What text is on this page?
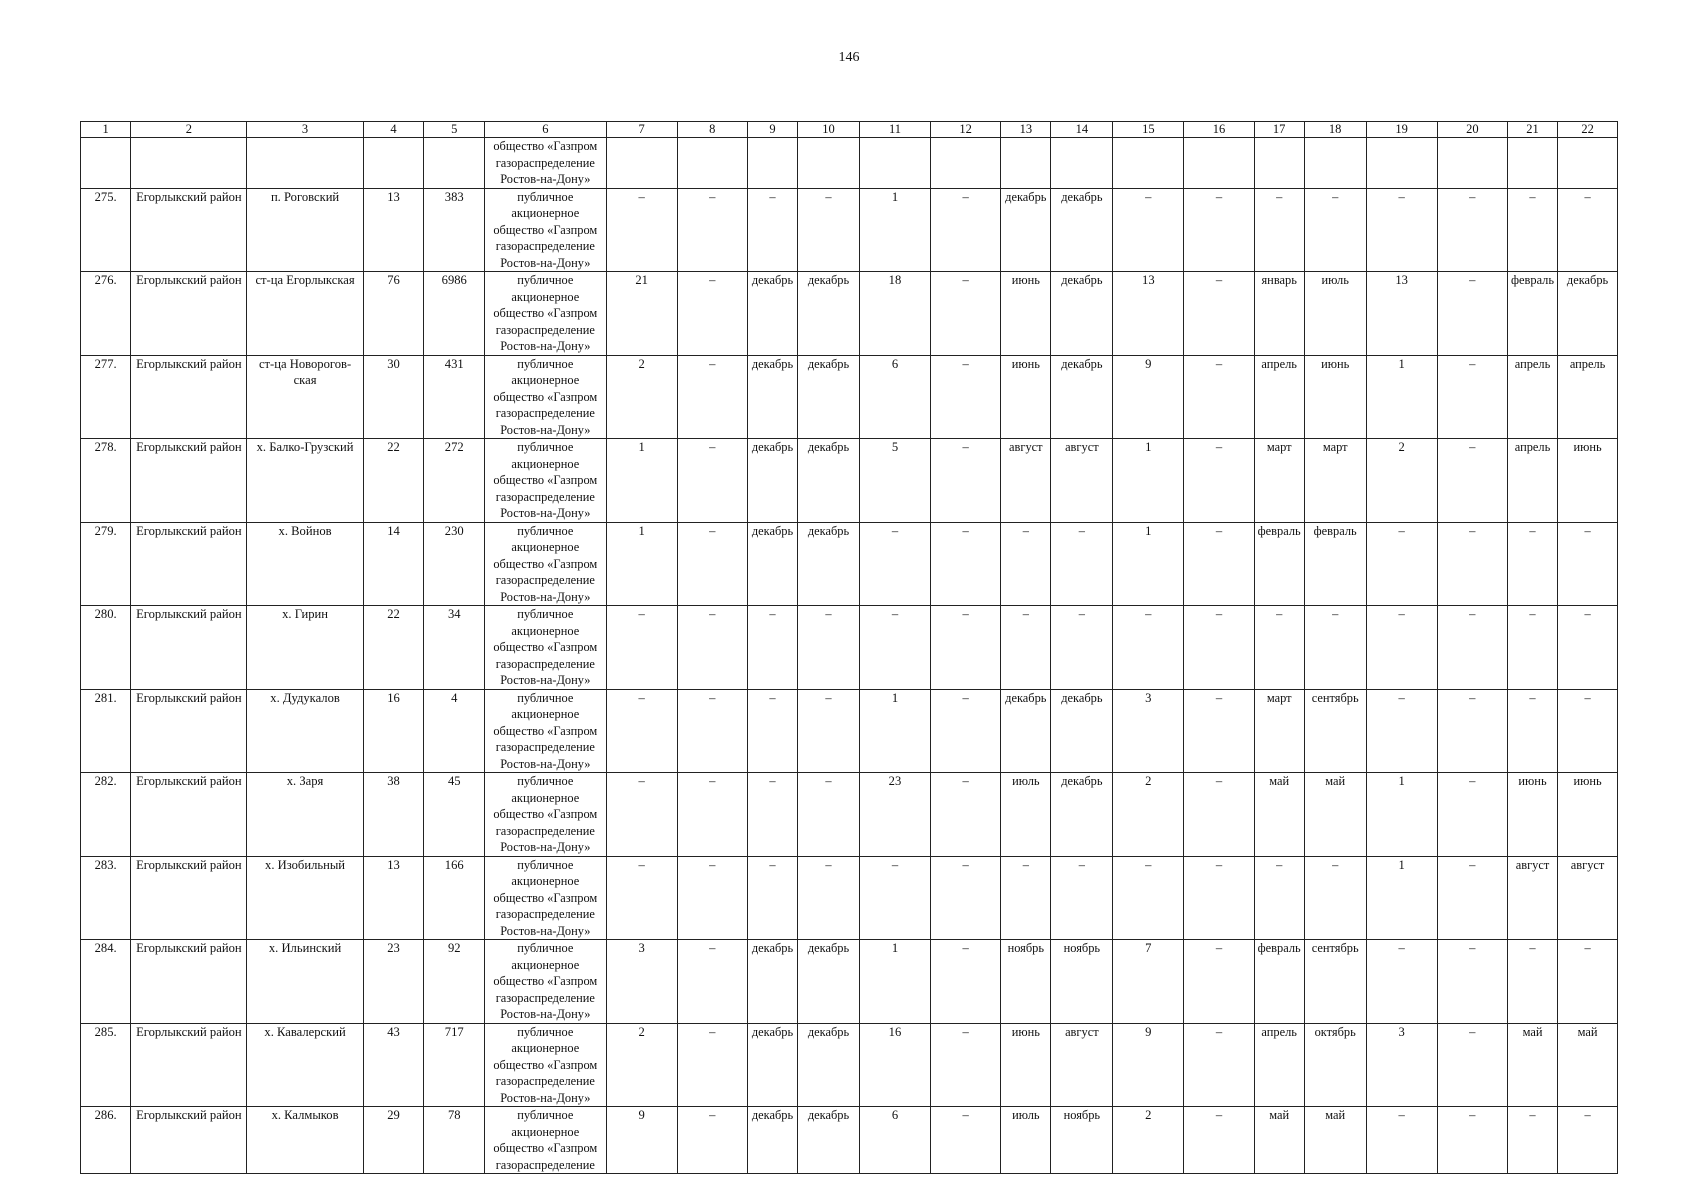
146
1	2	3	4	5	6	7	8	9	10	11	12	13	14	15	16	17	18	19	20	21	22

					общество «Газпром
газораспределение
Ростов-на-Дону»																

275.	Егорлыкский район	п. Роговский	13	383	публичное
акционерное
общество «Газпром
газораспределение
Ростов-на-Дону»	–	–	–	–	1	–	декабрь	декабрь	–	–	–	–	–	–	–	–
276.	Егорлыкский район	ст-ца Егорлыкская	76	6986	публичное
акционерное
общество «Газпром
газораспределение
Ростов-на-Дону»	21	–	декабрь	декабрь	18	–	июнь	декабрь	13	–	январь	июль	13	–	февраль	декабрь
277.	Егорлыкский район	ст-ца Новорогов-ская	30	431	публичное
акционерное
общество «Газпром
газораспределение
Ростов-на-Дону»	2	–	декабрь	декабрь	6	–	июнь	декабрь	9	–	апрель	июнь	1	–	апрель	апрель
278.	Егорлыкский район	х. Балко-Грузский	22	272	публичное
акционерное
общество «Газпром
газораспределение
Ростов-на-Дону»	1	–	декабрь	декабрь	5	–	август	август	1	–	март	март	2	–	апрель	июнь
279.	Егорлыкский район	х. Войнов	14	230	публичное
акционерное
общество «Газпром
газораспределение
Ростов-на-Дону»	1	–	декабрь	декабрь	–	–	–	–	1	–	февраль	февраль	–	–	–	–
280.	Егорлыкский район	х. Гирин	22	34	публичное
акционерное
общество «Газпром
газораспределение
Ростов-на-Дону»	–	–	–	–	–	–	–	–	–	–	–	–	–	–	–	–
281.	Егорлыкский район	х. Дудукалов	16	4	публичное
акционерное
общество «Газпром
газораспределение
Ростов-на-Дону»	–	–	–	–	1	–	декабрь	декабрь	3	–	март	сентябрь	–	–	–	–
282.	Егорлыкский район	х. Заря	38	45	публичное
акционерное
общество «Газпром
газораспределение
Ростов-на-Дону»	–	–	–	–	23	–	июль	декабрь	2	–	май	май	1	–	июнь	июнь
283.	Егорлыкский район	х. Изобильный	13	166	публичное
акционерное
общество «Газпром
газораспределение
Ростов-на-Дону»	–	–	–	–	–	–	–	–	–	–	–	–	1	–	август	август
284.	Егорлыкский район	х. Ильинский	23	92	публичное
акционерное
общество «Газпром
газораспределение
Ростов-на-Дону»	3	–	декабрь	декабрь	1	–	ноябрь	ноябрь	7	–	февраль	сентябрь	–	–	–	–
285.	Егорлыкский район	х. Кавалерский	43	717	публичное
акционерное
общество «Газпром
газораспределение
Ростов-на-Дону»	2	–	декабрь	декабрь	16	–	июнь	август	9	–	апрель	октябрь	3	–	май	май
286.	Егорлыкский район	х. Калмыков	29	78	публичное
акционерное
общество «Газпром
газораспределение	9	–	декабрь	декабрь	6	–	июль	ноябрь	2	–	май	май	–	–	–	–
